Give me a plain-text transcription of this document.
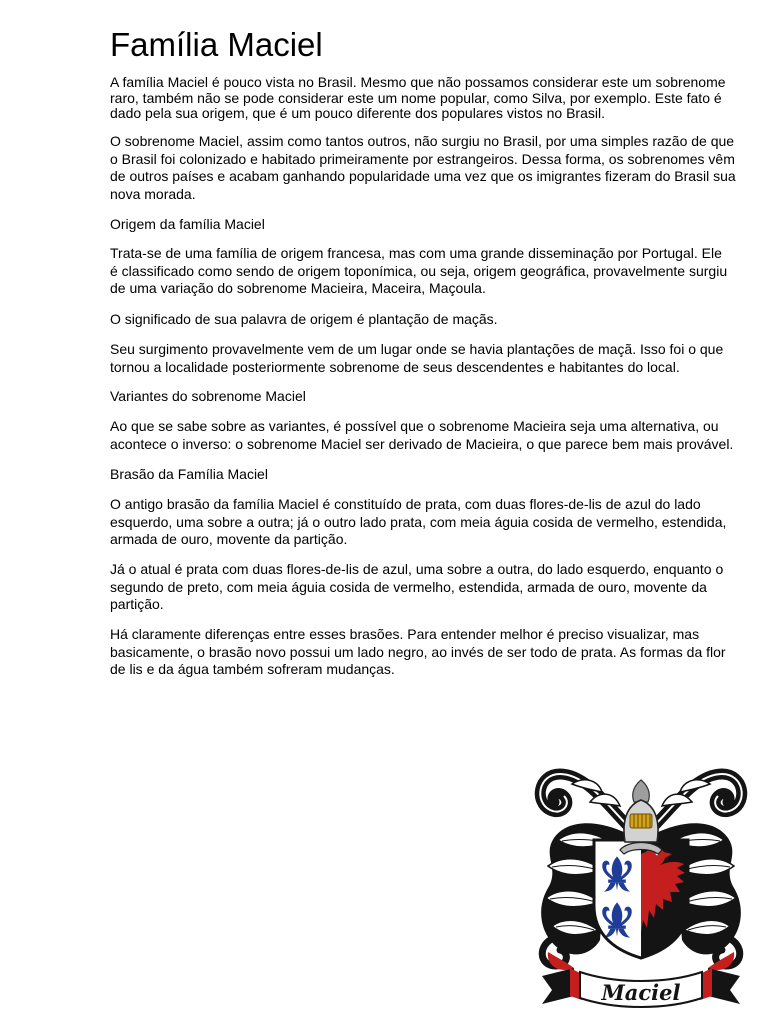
Família Maciel

A família Maciel é pouco vista no Brasil. Mesmo que não possamos considerar este um sobrenome
raro, também não se pode considerar este um nome popular, como Silva, por exemplo. Este fato é
dado pela sua origem, que é um pouco diferente dos populares vistos no Brasil.

O sobrenome Maciel, assim como tantos outros, não surgiu no Brasil, por uma simples razão de que
o Brasil foi colonizado e habitado primeiramente por estrangeiros. Dessa forma, os sobrenomes vêm
de outros países e acabam ganhando popularidade uma vez que os imigrantes fizeram do Brasil sua
nova morada.

Origem da família Maciel

Trata-se de uma família de origem francesa, mas com uma grande disseminação por Portugal. Ele
é classificado como sendo de origem toponímica, ou seja, origem geográfica, provavelmente surgiu
de uma variação do sobrenome Macieira, Maceira, Maçoula.

O significado de sua palavra de origem é plantação de maçãs.

Seu surgimento provavelmente vem de um lugar onde se havia plantações de maçã. Isso foi o que
tornou a localidade posteriormente sobrenome de seus descendentes e habitantes do local.

Variantes do sobrenome Maciel

Ao que se sabe sobre as variantes, é possível que o sobrenome Macieira seja uma alternativa, ou
acontece o inverso: o sobrenome Maciel ser derivado de Macieira, o que parece bem mais provável.

Brasão da Família Maciel

O antigo brasão da família Maciel é constituído de prata, com duas flores-de-lis de azul do lado
esquerdo, uma sobre a outra; já o outro lado prata, com meia águia cosida de vermelho, estendida,
armada de ouro, movente da partição.

Já o atual é prata com duas flores-de-lis de azul, uma sobre a outra, do lado esquerdo, enquanto o
segundo de preto, com meia águia cosida de vermelho, estendida, armada de ouro, movente da
partição.

Há claramente diferenças entre esses brasões. Para entender melhor é preciso visualizar, mas
basicamente, o brasão novo possui um lado negro, ao invés de ser todo de prata. As formas da flor
de lis e da água também sofreram mudanças.

Maciel
